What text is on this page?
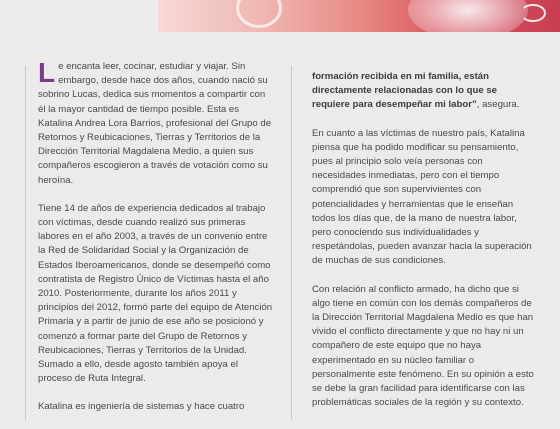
Le encanta leer, cocinar, estudiar y viajar. Sin embargo, desde hace dos años, cuando nació su sobrino Lucas, dedica sus momentos a compartir con él la mayor cantidad de tiempo posible. Esta es Katalina Andrea Lora Barrios, profesional del Grupo de Retornos y Reubicaciones, Tierras y Territorios de la Dirección Territorial Magdalena Medio, a quien sus compañeros escogieron a través de votación como su heroína.

Tiene 14 de años de experiencia dedicados al trabajo con víctimas, desde cuando realizó sus primeras labores en el año 2003, a través de un convenio entre la Red de Solidaridad Social y la Organización de Estados Iberoamericanos, donde se desempeñó como contratista de Registro Único de Víctimas hasta el año 2010. Posteriormente, durante los años 2011 y principios del 2012, formó parte del equipo de Atención Primaria y a partir de junio de ese año se posicionó y comenzó a formar parte del Grupo de Retornos y Reubicaciones, Tierras y Territorios de la Unidad. Sumado a ello, desde agosto también apoya el proceso de Ruta Integral.

Katalina es ingeniería de sistemas y hace cuatro

formación recibida en mi familia, están directamente relacionadas con lo que se requiere para desempeñar mi labor”, asegura.

En cuanto a las víctimas de nuestro país, Katalina piensa que ha podido modificar su pensamiento, pues al principio solo veía personas con necesidades inmediatas, pero con el tiempo comprendió que son supervivientes con potencialidades y herramientas que le enseñan todos los días que, de la mano de nuestra labor, pero conociendo sus individualidades y respetándolas, pueden avanzar hacia la superación de muchas de sus condiciones.

Con relación al conflicto armado, ha dicho que si algo tiene en común con los demás compañeros de la Dirección Territorial Magdalena Medio es que han vivido el conflicto directamente y que no hay ni un compañero de este equipo que no haya experimentado en su núcleo familiar o personalmente este fenómeno. En su opinión a esto se debe la gran facilidad para identificarse con las problemáticas sociales de la región y su contexto.
